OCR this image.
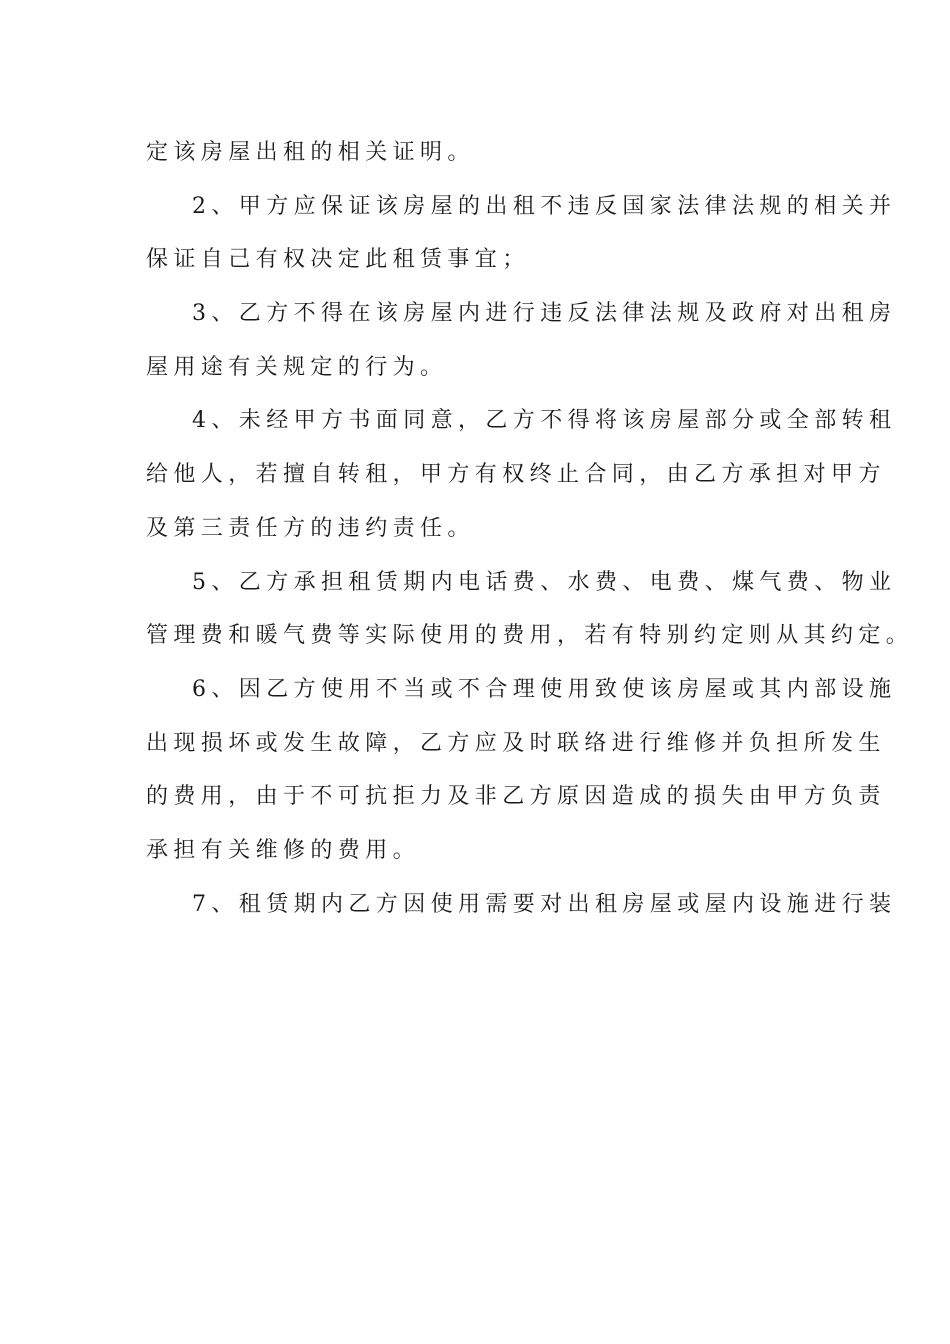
定该房屋出租的相关证明。
2、甲方应保证该房屋的出租不违反国家法律法规的相关并
保证自己有权决定此租赁事宜；
3、乙方不得在该房屋内进行违反法律法规及政府对出租房
屋用途有关规定的行为。
4、未经甲方书面同意，乙方不得将该房屋部分或全部转租
给他人，若擅自转租，甲方有权终止合同，由乙方承担对甲方
及第三责任方的违约责任。
5、乙方承担租赁期内电话费、水费、电费、煤气费、物业
管理费和暖气费等实际使用的费用，若有特别约定则从其约定。
6、因乙方使用不当或不合理使用致使该房屋或其内部设施
出现损坏或发生故障，乙方应及时联络进行维修并负担所发生
的费用，由于不可抗拒力及非乙方原因造成的损失由甲方负责
承担有关维修的费用。
7、租赁期内乙方因使用需要对出租房屋或屋内设施进行装
